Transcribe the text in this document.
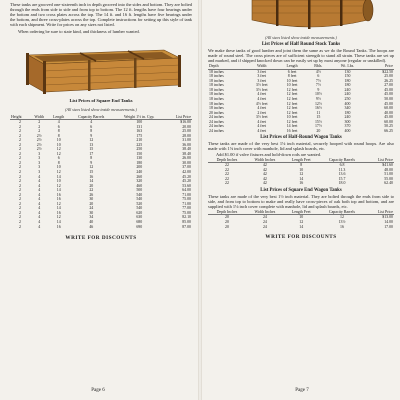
These tanks are grooved one-sixteenth inch in depth grooved into the sides and bottom. They are bolted through the ends from side to side and from top to bottom. The 12 ft. lengths have four bearings under the bottom and two cross plates across the top. The 14 ft. and 16 ft. lengths have five bearings under the bottom, and three cross-plates across the top. Complete instructions for setting up this style of tank with each shipment. Write for prices on any sizes not listed.

When ordering be sure to state kind, and thickness of lumber wanted.

List Prices of Square End Tanks
(All sizes listed show inside measurements.)
Height	Width	Length	Capacity Barrels	Weight 1½ in. Cyp.	List Price
2	2	4	4	100	$16.00
2	2	6	6	131	20.00
2	2	8	8	163	25.00
2	2½	8	9	175	28.00
2	2½	10	12	210	31.00
2	2½	10	13	225	36.00
2	2½	12	15	250	38.40
2	3	12	17	150	38.40
2	3	6	8	130	26.00
2	3	8	9	180	30.00
2	3	10	12	200	37.00
2	3	12	15	240	42.00
2	4	14	16	260	45.20
2	4	10	14	320	45.20
2	4	12	20	460	53.60
2	4	14	22	500	64.00
2	4	16	26	540	71.00
2	4	16	30	540	75.00
2	4	12	20	520	71.00
2	4	14	24	540	77.00
2	4	16	30	620	75.00
2	4	12	34	630	82.10
2	4	14	40	680	85.00
2	4	16	46	690	87.00
WRITE FOR DISCOUNTS
Page 6
(All sizes listed show inside measurements.)
List Prices of Half Round Stock Tanks

We make these tanks of good lumber and joint them the same as we do the Round Tanks. The hoops are made of round steel. The cross pieces are of sufficient strength to stand all strain. These tanks are set up and marked, and if shipped knocked down can be easily set up by most anyone (regular or unskilled).

Depth	Width	Length	Bbls.	Wt. Lbs.	Price
18 inches	3 feet	6 feet	4½	130	$22.50
18 inches	3 feet	8 feet	6	150	25.00
18 inches	3 feet	10 feet	7½	180	26.25
18 inches	3½ feet	10 feet	7½	180	27.00
18 inches	3½ feet	12 feet	9	240	45.00
18 inches	4 feet	12 feet	10½	240	45.00
18 inches	4 feet	12 feet	9½	250	50.00
18 inches	4½ feet	12 feet	12½	400	45.00
18 inches	4 feet	12 feet	16½	340	60.00
20 inches	2 feet	12 feet	11	180	40.00
24 inches	3½ feet	10 feet	15	240	45.00
24 inches	4 feet	12 feet	15½	300	60.00
24 inches	4 feet	14 feet	17½	370	50.25
24 inches	4 feet	16 feet	20	400	66.25
List Prices of Half-Round Wagon Tanks

These tanks are made of the very best 1⅛ inch material, securely hooped with round hoops. Are also made with 1⅛ inch cover with manhole, lid and splash boards, etc.

Add $1.00 if valve fixtures and hold-down rods are wanted.

Depth Inches	Width Inches	Length Feet	Capacity Barrels	List Price
22	42	8	6.8	$41.60
22	42	10	11.3	48.00
22	42	12	13.6	51.00
22	42	14	15.7	55.00
22	42	16	18.0	62.40
List Prices of Square End Wagon Tanks

These tanks are made of the very best 1½ inch material. They are bolted through the ends from side to side, and from top to bottom to make and really have cross-pieces of oak both top and bottom, and are supplied with 1⅛ inch cover complete with manhole, lid and splash boards, etc.

Depth Inches	Width Inches	Length Feet	Capacity Barrels	List Price
20	24	10	12	$13.00
20	24	12	13½	14.00
20	24	14	16	17.00
WRITE FOR DISCOUNTS
Page 7
